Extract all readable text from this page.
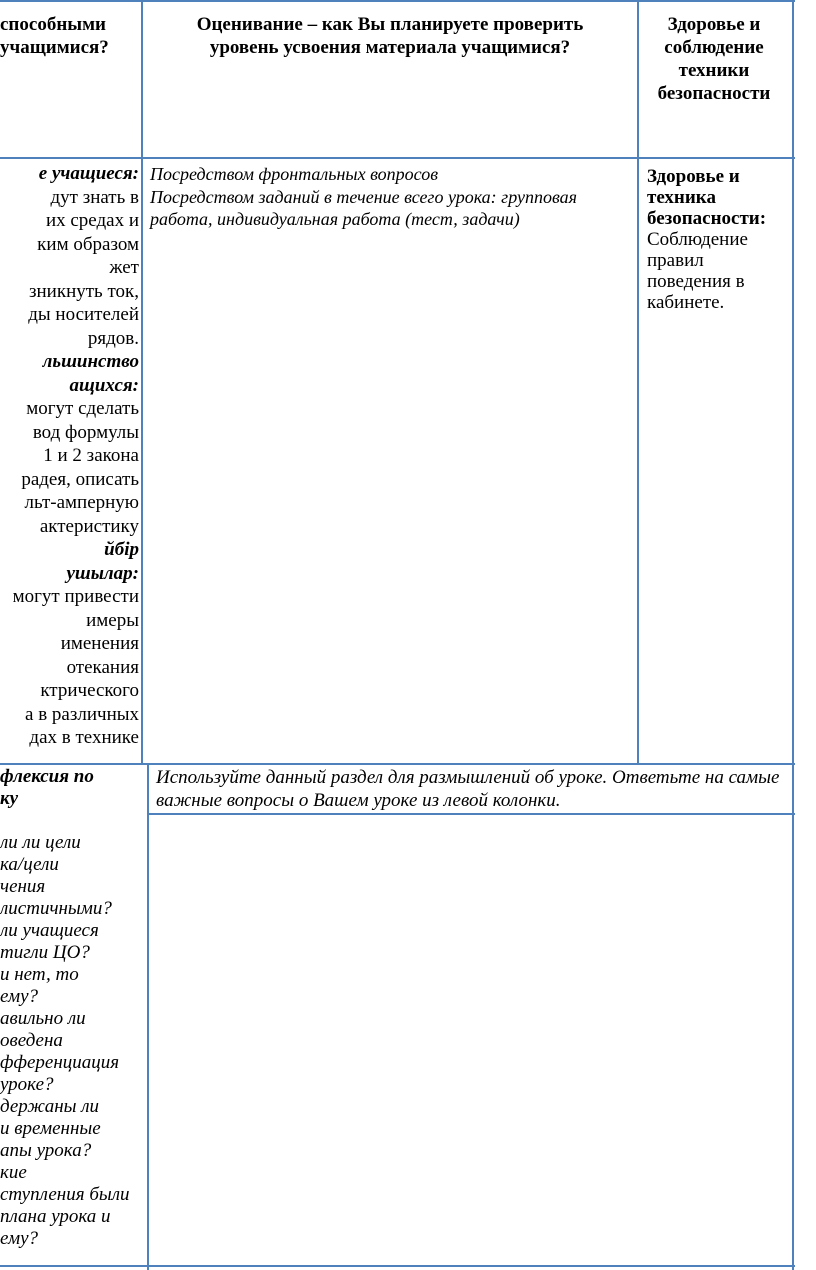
способными
учащимися?
Оценивание – как Вы планируете проверить уровень усвоения материала учащимися?
Здоровье и соблюдение техники безопасности
е учащиеся:
дут знать в
их средах и
ким образом
жет
зникнуть ток,
ды носителей
рядов.
льшинство
ащихся:
могут сделать
вод формулы
1 и 2 закона
радея, описать
льт-амперную
актеристику
йбір
ушылар:
могут привести
имеры
именения
отекания
ктрического
а в различных
дах в технике
Посредством фронтальных вопросов
Посредством заданий в течение всего урока: групповая работа, индивидуальная работа (тест, задачи)
Здоровье и техника безопасности:
Соблюдение правил поведения в кабинете.
флексия по
ку

ли ли цели
ка/цели
чения
листичными?
ли учащиеся
тигли ЦО?
и нет, то
ему?
авильно ли
оведена
фференциация
уроке?
держаны ли
и временные
апы урока?
кие
ступления были
плана урока и
ему?
Используйте данный раздел для размышлений об уроке. Ответьте на самые важные вопросы о Вашем уроке из левой колонки.
